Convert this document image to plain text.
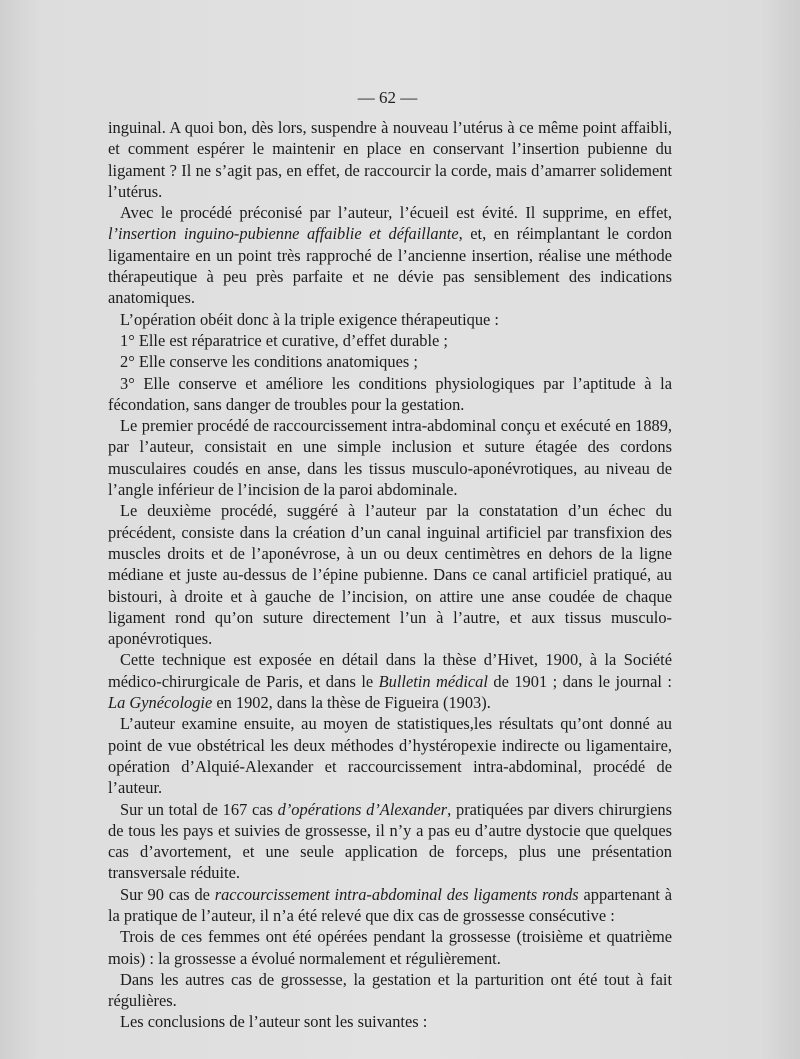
— 62 —

inguinal. A quoi bon, dès lors, suspendre à nouveau l’utérus à ce même point affaibli, et comment espérer le maintenir en place en conservant l’insertion pubienne du ligament ? Il ne s’agit pas, en effet, de raccourcir la corde, mais d’amarrer solidement l’utérus.

Avec le procédé préconisé par l’auteur, l’écueil est évité. Il supprime, en effet, l’insertion inguino-pubienne affaiblie et défaillante, et, en réimplantant le cordon ligamentaire en un point très rapproché de l’ancienne insertion, réalise une méthode thérapeutique à peu près parfaite et ne dévie pas sensiblement des indications anatomiques.

L’opération obéit donc à la triple exigence thérapeutique :

1° Elle est réparatrice et curative, d’effet durable ;

2° Elle conserve les conditions anatomiques ;

3° Elle conserve et améliore les conditions physiologiques par l’aptitude à la fécondation, sans danger de troubles pour la gestation.

Le premier procédé de raccourcissement intra-abdominal conçu et exécuté en 1889, par l’auteur, consistait en une simple inclusion et suture étagée des cordons musculaires coudés en anse, dans les tissus musculo-aponévrotiques, au niveau de l’angle inférieur de l’incision de la paroi abdominale.

Le deuxième procédé, suggéré à l’auteur par la constatation d’un échec du précédent, consiste dans la création d’un canal inguinal artificiel par transfixion des muscles droits et de l’aponévrose, à un ou deux centimètres en dehors de la ligne médiane et juste au-dessus de l’épine pubienne. Dans ce canal artificiel pratiqué, au bistouri, à droite et à gauche de l’incision, on attire une anse coudée de chaque ligament rond qu’on suture directement l’un à l’autre, et aux tissus musculo-aponévrotiques.

Cette technique est exposée en détail dans la thèse d’Hivet, 1900, à la Société médico-chirurgicale de Paris, et dans le Bulletin médical de 1901 ; dans le journal : La Gynécologie en 1902, dans la thèse de Figueira (1903).

L’auteur examine ensuite, au moyen de statistiques,les résultats qu’ont donné au point de vue obstétrical les deux méthodes d’hystéropexie indirecte ou ligamentaire, opération d’Alquié-Alexander et raccourcissement intra-abdominal, procédé de l’auteur.

Sur un total de 167 cas d’opérations d’Alexander, pratiquées par divers chirurgiens de tous les pays et suivies de grossesse, il n’y a pas eu d’autre dystocie que quelques cas d’avortement, et une seule application de forceps, plus une présentation transversale réduite.

Sur 90 cas de raccourcissement intra-abdominal des ligaments ronds appartenant à la pratique de l’auteur, il n’a été relevé que dix cas de grossesse consécutive :

Trois de ces femmes ont été opérées pendant la grossesse (troisième et quatrième mois) : la grossesse a évolué normalement et régulièrement.

Dans les autres cas de grossesse, la gestation et la parturition ont été tout à fait régulières.

Les conclusions de l’auteur sont les suivantes :
